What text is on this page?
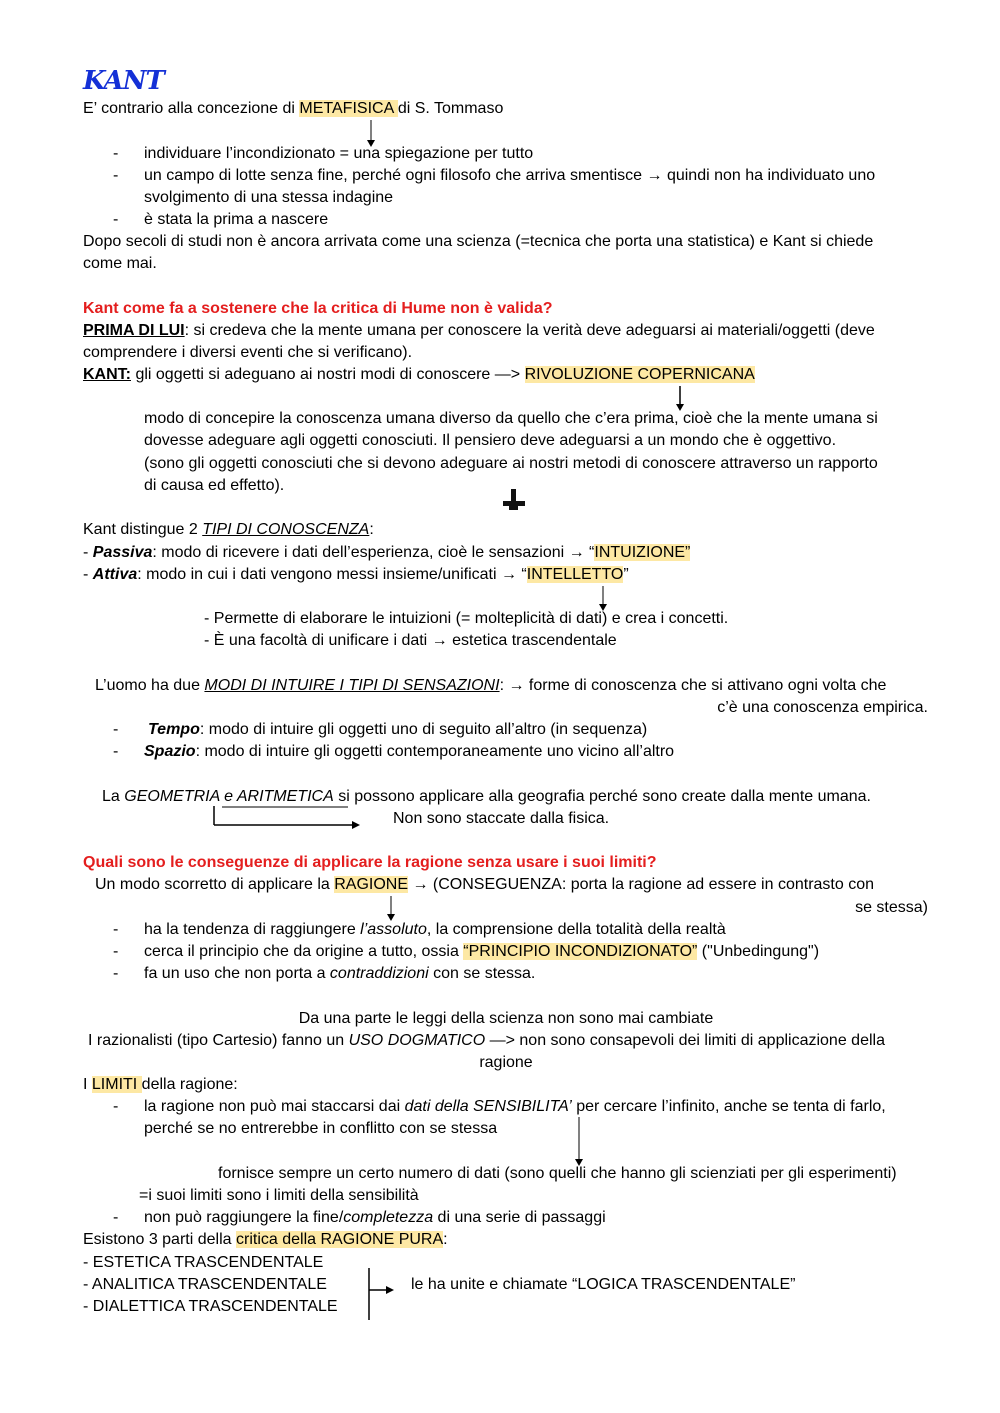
KANT
E’ contrario alla concezione di METAFISICA di S. Tommaso
- individuare l’incondizionato = una spiegazione per tutto
- un campo di lotte senza fine, perché ogni filosofo che arriva smentisce → quindi non ha individuato uno
svolgimento di una stessa indagine
- è stata la prima a nascere
Dopo secoli di studi non è ancora arrivata come una scienza (=tecnica che porta una statistica) e Kant si chiede
come mai.
Kant come fa a sostenere che la critica di Hume non è valida?
PRIMA DI LUI: si credeva che la mente umana per conoscere la verità deve adeguarsi ai materiali/oggetti (deve
comprendere i diversi eventi che si verificano).
KANT: gli oggetti si adeguano ai nostri modi di conoscere —> RIVOLUZIONE COPERNICANA
modo di concepire la conoscenza umana diverso da quello che c’era prima, cioè che la mente umana si
dovesse adeguare agli oggetti conosciuti. Il pensiero deve adeguarsi a un mondo che è oggettivo.
(sono gli oggetti conosciuti che si devono adeguare ai nostri metodi di conoscere attraverso un rapporto
di causa ed effetto).
Kant distingue 2 TIPI DI CONOSCENZA:
- Passiva: modo di ricevere i dati dell’esperienza, cioè le sensazioni → “INTUIZIONE”
- Attiva: modo in cui i dati vengono messi insieme/unificati → “INTELLETTO”
- Permette di elaborare le intuizioni (= molteplicità di dati) e crea i concetti.
- È una facoltà di unificare i dati → estetica trascendentale
L’uomo ha due MODI DI INTUIRE I TIPI DI SENSAZIONI: → forme di conoscenza che si attivano ogni volta che
c’è una conoscenza empirica.
- Tempo: modo di intuire gli oggetti uno di seguito all’altro (in sequenza)
- Spazio: modo di intuire gli oggetti contemporaneamente uno vicino all’altro
La GEOMETRIA e ARITMETICA si possono applicare alla geografia perché sono create dalla mente umana.
Non sono staccate dalla fisica.
Quali sono le conseguenze di applicare la ragione senza usare i suoi limiti?
Un modo scorretto di applicare la RAGIONE → (CONSEGUENZA: porta la ragione ad essere in contrasto con
se stessa)
- ha la tendenza di raggiungere l’assoluto, la comprensione della totalità della realtà
- cerca il principio che da origine a tutto, ossia “PRINCIPIO INCONDIZIONATO” ("Unbedingung")
- fa un uso che non porta a contraddizioni con se stessa.
Da una parte le leggi della scienza non sono mai cambiate
I razionalisti (tipo Cartesio) fanno un USO DOGMATICO —> non sono consapevoli dei limiti di applicazione della
ragione
I LIMITI della ragione:
- la ragione non può mai staccarsi dai dati della SENSIBILITA’ per cercare l’infinito, anche se tenta di farlo,
perché se no entrerebbe in conflitto con se stessa
fornisce sempre un certo numero di dati (sono quelli che hanno gli scienziati per gli esperimenti)
=i suoi limiti sono i limiti della sensibilità
- non può raggiungere la fine/completezza di una serie di passaggi
Esistono 3 parti della critica della RAGIONE PURA:
- ESTETICA TRASCENDENTALE
- ANALITICA TRASCENDENTALE
- DIALETTICA TRASCENDENTALE
le ha unite e chiamate “LOGICA TRASCENDENTALE”
